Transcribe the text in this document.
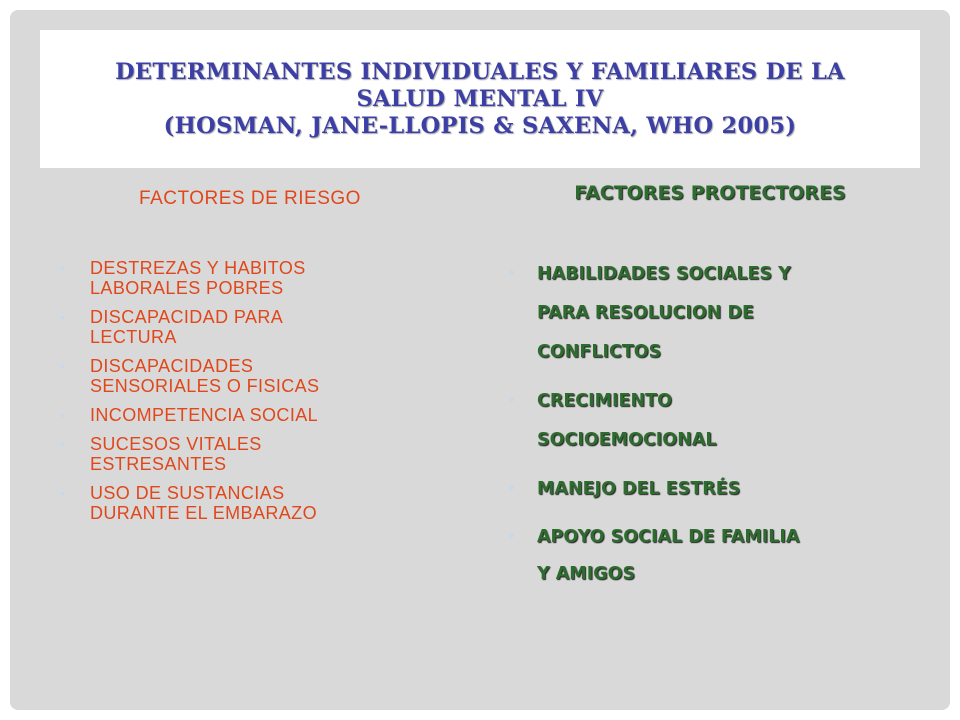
DETERMINANTES INDIVIDUALES Y FAMILIARES DE LA
SALUD MENTAL IV
(HOSMAN, JANE-LLOPIS & SAXENA, WHO 2005)
FACTORES DE RIESGO	FACTORES PROTECTORES
• DESTREZAS Y HABITOS
LABORALES POBRES
• DISCAPACIDAD PARA
LECTURA
• DISCAPACIDADES
SENSORIALES O FISICAS
• INCOMPETENCIA SOCIAL
• SUCESOS VITALES
ESTRESANTES
• USO DE SUSTANCIAS
DURANTE EL EMBARAZO
• HABILIDADES SOCIALES Y
PARA RESOLUCION DE
CONFLICTOS
• CRECIMIENTO
SOCIOEMOCIONAL
• MANEJO DEL ESTRÉS
• APOYO SOCIAL DE FAMILIA
Y AMIGOS
